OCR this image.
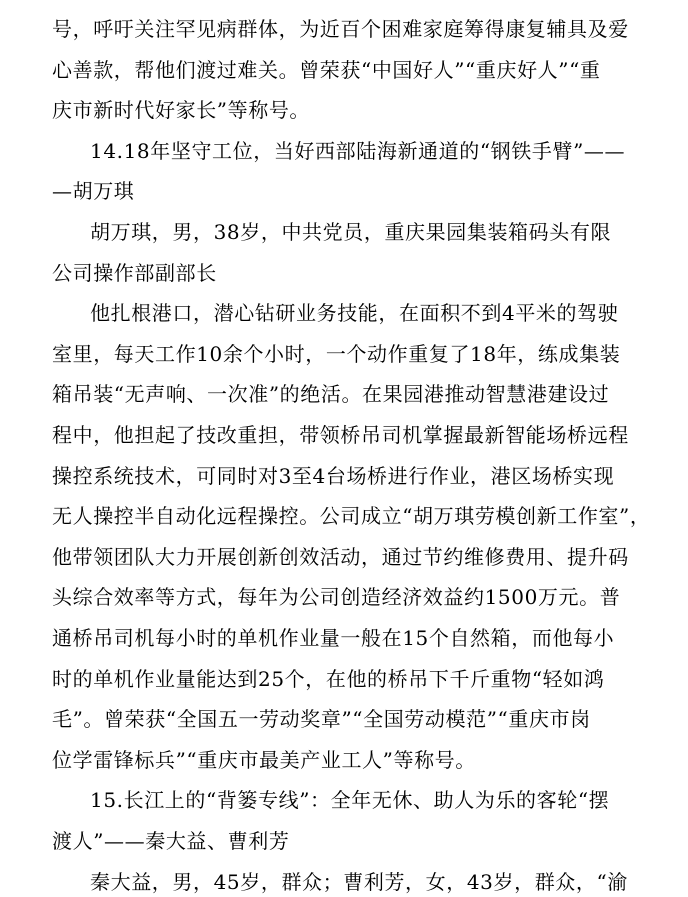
号，呼吁关注罕见病群体，为近百个困难家庭筹得康复辅具及爱
心善款，帮他们渡过难关。曾荣获“中国好人”“重庆好人”“重
庆市新时代好家长”等称号。
14.18年坚守工位，当好西部陆海新通道的“钢铁手臂”——
—胡万琪
胡万琪，男，38岁，中共党员，重庆果园集装箱码头有限
公司操作部副部长
他扎根港口，潜心钻研业务技能，在面积不到4平米的驾驶
室里，每天工作10余个小时，一个动作重复了18年，练成集装
箱吊装“无声响、一次准”的绝活。在果园港推动智慧港建设过
程中，他担起了技改重担，带领桥吊司机掌握最新智能场桥远程
操控系统技术，可同时对3至4台场桥进行作业，港区场桥实现
无人操控半自动化远程操控。公司成立“胡万琪劳模创新工作室”，
他带领团队大力开展创新创效活动，通过节约维修费用、提升码
头综合效率等方式，每年为公司创造经济效益约1500万元。普
通桥吊司机每小时的单机作业量一般在15个自然箱，而他每小
时的单机作业量能达到25个，在他的桥吊下千斤重物“轻如鸿
毛”。曾荣获“全国五一劳动奖章”“全国劳动模范”“重庆市岗
位学雷锋标兵”“重庆市最美产业工人”等称号。
15.长江上的“背篓专线”：全年无休、助人为乐的客轮“摆
渡人”——秦大益、曹利芳
秦大益，男，45岁，群众；曹利芳，女，43岁，群众，“渝
